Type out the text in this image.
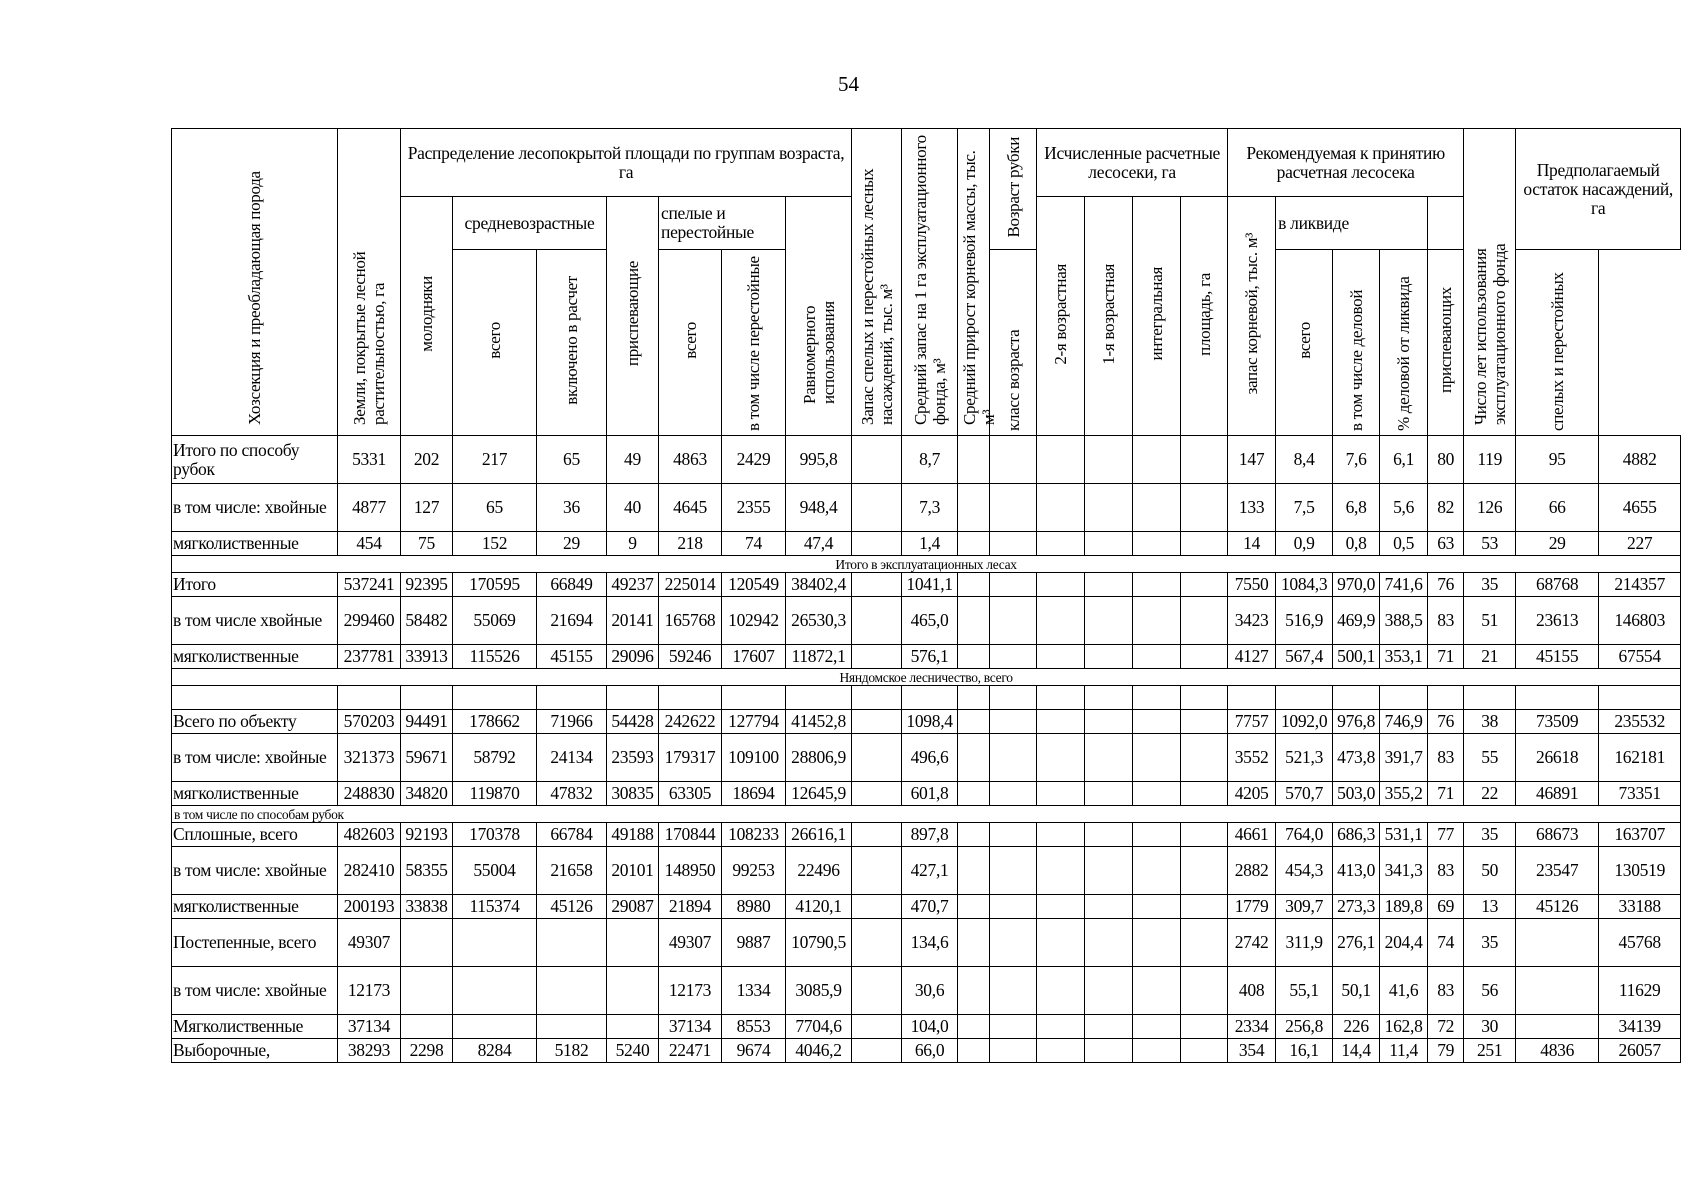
54
Хозсекция и преобладающая порода	Земли, покрытые лесной растительностью, га	Распределение лесопокрытой площади по группам возраста, га							Запас спелых и перестойных лесных насаждений, тыс. м³	Средний запас на 1 га эксплуатационного фонда, м³	Средний прирост корневой массы, тыс. м³	Возраст рубки	Исчисленные расчетные лесосеки, га				Рекомендуемая к принятию расчетная лесосека					Число лет использования эксплуатационного фонда	Предполагаемый остаток насаждений, га	
		молодняки	средневозрастные		приспевающие	спелые и перестойные		Равномерного использования					2-я возрастная	1-я возрастная	интегральная	площадь, га	запас корневой, тыс. м³	в ликвиде						
			всего	включено в расчет		всего	в том числе перестойные					класс возраста						всего	в том числе деловой	% деловой от ликвида	приспевающих		спелых и перестойных	
Итого по способу рубок	5331	202	217	65	49	4863	2429	995,8		8,7							147	8,4	7,6	6,1	80	119	95	4882
в том числе: хвойные	4877	127	65	36	40	4645	2355	948,4		7,3							133	7,5	6,8	5,6	82	126	66	4655
мягколиственные	454	75	152	29	9	218	74	47,4		1,4							14	0,9	0,8	0,5	63	53	29	227
Итого в эксплуатационных лесах																								
Итого	537241	92395	170595	66849	49237	225014	120549	38402,4		1041,1							7550	1084,3	970,0	741,6	76	35	68768	214357
в том числе хвойные	299460	58482	55069	21694	20141	165768	102942	26530,3		465,0							3423	516,9	469,9	388,5	83	51	23613	146803
мягколиственные	237781	33913	115526	45155	29096	59246	17607	11872,1		576,1							4127	567,4	500,1	353,1	71	21	45155	67554
Няндомское лесничество, всего																								

Всего по объекту	570203	94491	178662	71966	54428	242622	127794	41452,8		1098,4							7757	1092,0	976,8	746,9	76	38	73509	235532
в том числе: хвойные	321373	59671	58792	24134	23593	179317	109100	28806,9		496,6							3552	521,3	473,8	391,7	83	55	26618	162181
мягколиственные	248830	34820	119870	47832	30835	63305	18694	12645,9		601,8							4205	570,7	503,0	355,2	71	22	46891	73351
в том числе по способам рубок																								
Сплошные, всего	482603	92193	170378	66784	49188	170844	108233	26616,1		897,8							4661	764,0	686,3	531,1	77	35	68673	163707
в том числе: хвойные	282410	58355	55004	21658	20101	148950	99253	22496		427,1							2882	454,3	413,0	341,3	83	50	23547	130519
мягколиственные	200193	33838	115374	45126	29087	21894	8980	4120,1		470,7							1779	309,7	273,3	189,8	69	13	45126	33188
Постепенные, всего	49307					49307	9887	10790,5		134,6							2742	311,9	276,1	204,4	74	35		45768
в том числе: хвойные	12173					12173	1334	3085,9		30,6							408	55,1	50,1	41,6	83	56		11629
Мягколиственные	37134					37134	8553	7704,6		104,0							2334	256,8	226	162,8	72	30		34139
Выборочные,	38293	2298	8284	5182	5240	22471	9674	4046,2		66,0							354	16,1	14,4	11,4	79	251	4836	26057
